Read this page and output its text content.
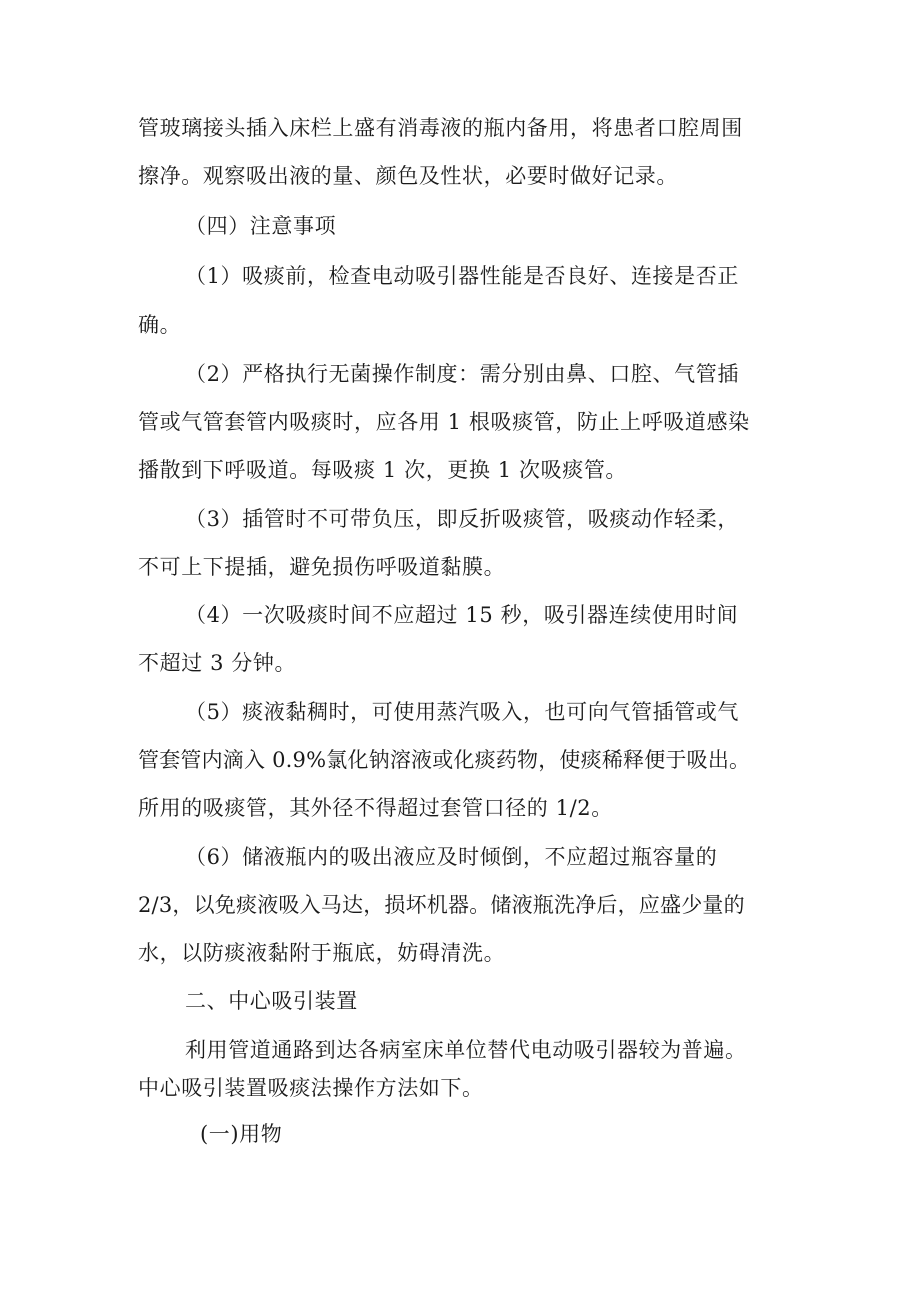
管玻璃接头插入床栏上盛有消毒液的瓶内备用，将患者口腔周围
擦净。观察吸出液的量、颜色及性状，必要时做好记录。
（四）注意事项
（1）吸痰前，检查电动吸引器性能是否良好、连接是否正
确。
（2）严格执行无菌操作制度：需分别由鼻、口腔、气管插
管或气管套管内吸痰时，应各用 1 根吸痰管，防止上呼吸道感染
播散到下呼吸道。每吸痰 1 次，更换 1 次吸痰管。
（3）插管时不可带负压，即反折吸痰管，吸痰动作轻柔，
不可上下提插，避免损伤呼吸道黏膜。
（4）一次吸痰时间不应超过 15 秒，吸引器连续使用时间
不超过 3 分钟。
（5）痰液黏稠时，可使用蒸汽吸入，也可向气管插管或气
管套管内滴入 0.9%氯化钠溶液或化痰药物，使痰稀释便于吸出。
所用的吸痰管，其外径不得超过套管口径的 1/2。
（6）储液瓶内的吸出液应及时倾倒，不应超过瓶容量的
2/3，以免痰液吸入马达，损坏机器。储液瓶洗净后，应盛少量的
水，以防痰液黏附于瓶底，妨碍清洗。
二、中心吸引装置
利用管道通路到达各病室床单位替代电动吸引器较为普遍。
中心吸引装置吸痰法操作方法如下。
(一)用物
